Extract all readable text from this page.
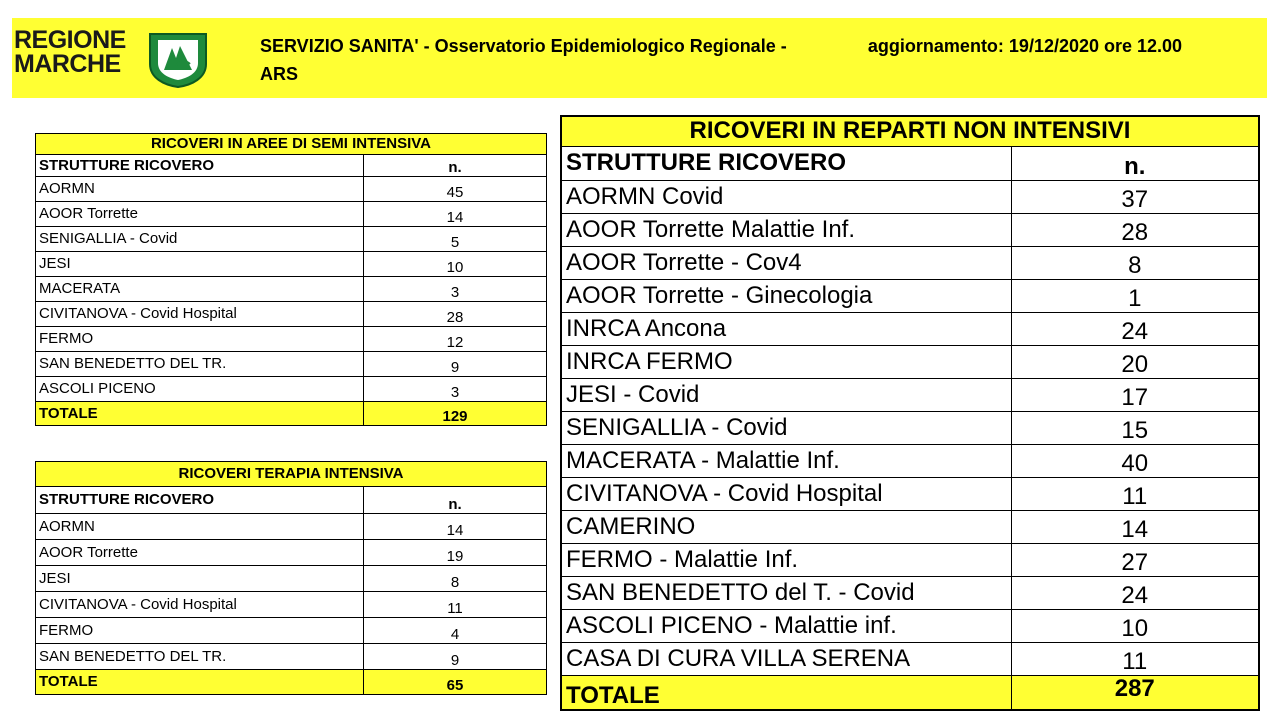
REGIONE
MARCHE
SERVIZIO SANITA' - Osservatorio Epidemiologico Regionale - ARS
aggiornamento: 19/12/2020 ore 12.00
RICOVERI IN AREE DI SEMI INTENSIVA	
STRUTTURE RICOVERO	n.
AORMN	45
AOOR Torrette	14
SENIGALLIA - Covid	5
JESI	10
MACERATA	3
CIVITANOVA - Covid Hospital	28
FERMO	12
SAN BENEDETTO DEL TR.	9
ASCOLI PICENO	3
TOTALE	129
RICOVERI TERAPIA INTENSIVA	
STRUTTURE RICOVERO	n.
AORMN	14
AOOR Torrette	19
JESI	8
CIVITANOVA - Covid Hospital	11
FERMO	4
SAN BENEDETTO DEL TR.	9
TOTALE	65
RICOVERI IN REPARTI NON INTENSIVI	
STRUTTURE RICOVERO	n.
AORMN Covid	37
AOOR Torrette Malattie Inf.	28
AOOR Torrette - Cov4	8
AOOR Torrette - Ginecologia	1
INRCA Ancona	24
INRCA FERMO	20
JESI - Covid	17
SENIGALLIA - Covid	15
MACERATA - Malattie Inf.	40
CIVITANOVA - Covid Hospital	11
CAMERINO	14
FERMO - Malattie Inf.	27
SAN BENEDETTO del T. - Covid	24
ASCOLI PICENO - Malattie inf.	10
CASA DI CURA VILLA SERENA	11
TOTALE	287
